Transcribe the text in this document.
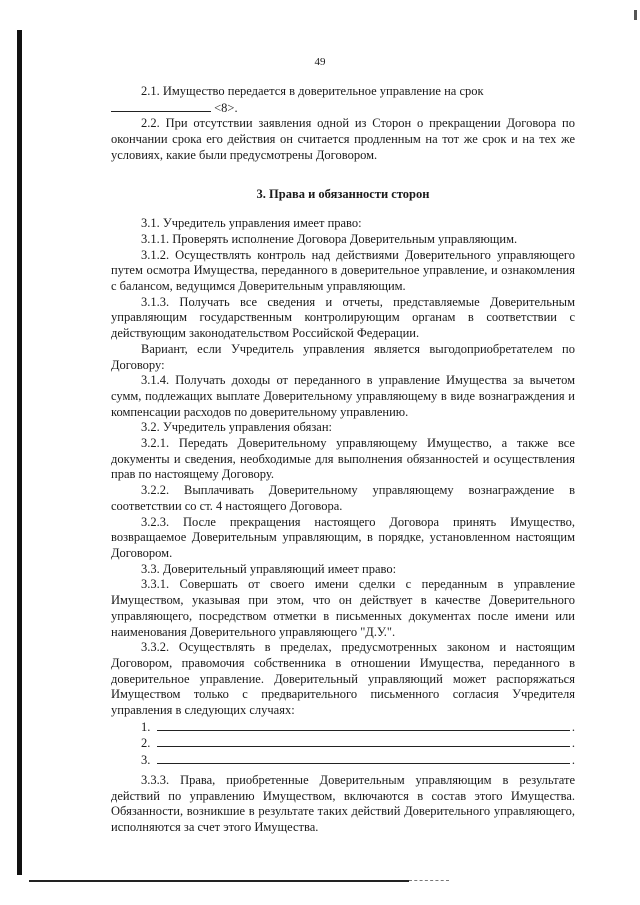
49

2.1. Имущество передается в доверительное управление на срок

<8>.

2.2. При отсутствии заявления одной из Сторон о прекращении Договора по окончании срока его действия он считается продленным на тот же срок и на тех же условиях, какие были предусмотрены Договором.

3. Права и обязанности сторон

3.1. Учредитель управления имеет право:

3.1.1. Проверять исполнение Договора Доверительным управляющим.

3.1.2. Осуществлять контроль над действиями Доверительного управляющего путем осмотра Имущества, переданного в доверительное управление, и ознакомления с балансом, ведущимся Доверительным управляющим.

3.1.3. Получать все сведения и отчеты, представляемые Доверительным управляющим государственным контролирующим органам в соответствии с действующим законодательством Российской Федерации.

Вариант, если Учредитель управления является выгодоприобретателем по Договору:

3.1.4. Получать доходы от переданного в управление Имущества за вычетом сумм, подлежащих выплате Доверительному управляющему в виде вознаграждения и компенсации расходов по доверительному управлению.

3.2. Учредитель управления обязан:

3.2.1. Передать Доверительному управляющему Имущество, а также все документы и сведения, необходимые для выполнения обязанностей и осуществления прав по настоящему Договору.

3.2.2. Выплачивать Доверительному управляющему вознаграждение в соответствии со ст. 4 настоящего Договора.

3.2.3. После прекращения настоящего Договора принять Имущество, возвращаемое Доверительным управляющим, в порядке, установленном настоящим Договором.

3.3. Доверительный управляющий имеет право:

3.3.1. Совершать от своего имени сделки с переданным в управление Имуществом, указывая при этом, что он действует в качестве Доверительного управляющего, посредством отметки в письменных документах после имени или наименования Доверительного управляющего "Д.У.".

3.3.2. Осуществлять в пределах, предусмотренных законом и настоящим Договором, правомочия собственника в отношении Имущества, переданного в доверительное управление. Доверительный управляющий может распоряжаться Имуществом только с предварительного письменного согласия Учредителя управления в следующих случаях:

1.	.
2.	.
3.	.

3.3.3. Права, приобретенные Доверительным управляющим в результате действий по управлению Имуществом, включаются в состав этого Имущества. Обязанности, возникшие в результате таких действий Доверительного управляющего, исполняются за счет этого Имущества.
